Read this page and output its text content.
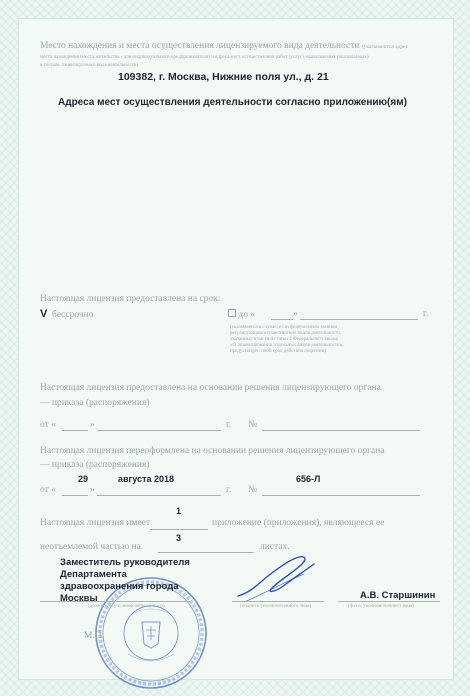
Место нахождения и места осуществления лицензируемого вида деятельности (указываются адрес
места нахождения (место жительства - для индивидуального предпринимателя) и адреса мест осуществления работ (услуг), выполняемых (оказываемых)
в составе лицензируемого вида деятельности)
109382, г. Москва, Нижние поля ул., д. 21
Адреса мест осуществления деятельности согласно приложению(ям)
Настоящая лицензия предоставлена на срок:
V бессрочно	до «	»	г.
(указывается в случае, если федеральным законом,
регулирующим осуществление видов деятельности,
указанных в части 4 статьи 1 Федерального закона
«О лицензировании отдельных видов деятельности»,
предусмотрен иной срок действия лицензии)
Настоящая лицензия предоставлена на основании решения лицензирующего органа
— приказа (распоряжения)
от «	»	г. №
Настоящая лицензия переоформлена на основании решения лицензирующего органа
— приказа (распоряжения)
29	августа 2018	656-Л
от «	»	г. №
1
Настоящая лицензия имеет	приложение (приложения), являющееся ее
3
неотъемлемой частью на	листах.
Заместитель руководителя
Департамента
здравоохранения города
Москвы	А.В. Старшинин
(должность уполномоченного лица)	(подпись уполномоченного лица)	(ф.и.о. уполномоченного лица)
М.П.
